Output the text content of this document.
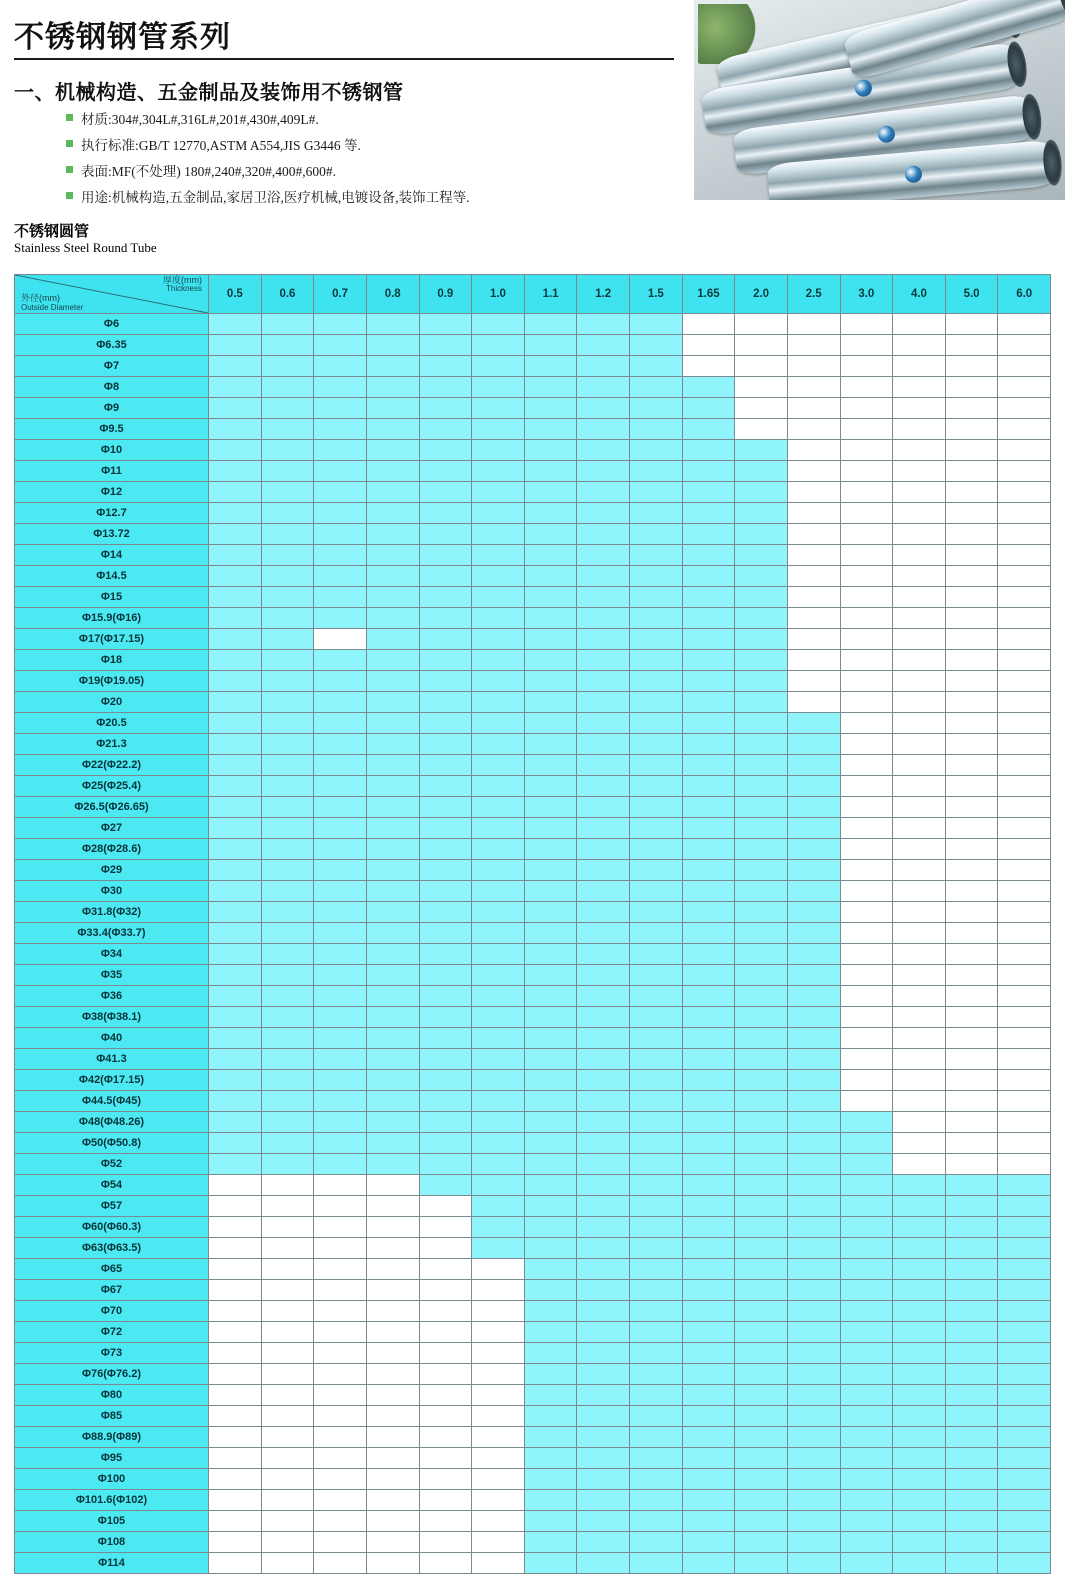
不锈钢钢管系列
一、机械构造、五金制品及装饰用不锈钢管
材质:304#,304L#,316L#,201#,430#,409L#.
执行标准:GB/T 12770,ASTM A554,JIS G3446 等.
表面:MF(不处理) 180#,240#,320#,400#,600#.
用途:机械构造,五金制品,家居卫浴,医疗机械,电镀设备,装饰工程等.
不锈钢圆管
Stainless Steel Round Tube
厚度(mm)
Thickness
外径(mm)
Outside Diameter	0.5	0.6	0.7	0.8	0.9	1.0	1.1	1.2	1.5	1.65	2.0	2.5	3.0	4.0	5.0	6.0
Φ6																
Φ6.35																
Φ7																
Φ8																
Φ9																
Φ9.5																
Φ10																
Φ11																
Φ12																
Φ12.7																
Φ13.72																
Φ14																
Φ14.5																
Φ15																
Φ15.9(Φ16)																
Φ17(Φ17.15)																
Φ18																
Φ19(Φ19.05)																
Φ20																
Φ20.5																
Φ21.3																
Φ22(Φ22.2)																
Φ25(Φ25.4)																
Φ26.5(Φ26.65)																
Φ27																
Φ28(Φ28.6)																
Φ29																
Φ30																
Φ31.8(Φ32)																
Φ33.4(Φ33.7)																
Φ34																
Φ35																
Φ36																
Φ38(Φ38.1)																
Φ40																
Φ41.3																
Φ42(Φ17.15)																
Φ44.5(Φ45)																
Φ48(Φ48.26)																
Φ50(Φ50.8)																
Φ52																
Φ54																
Φ57																
Φ60(Φ60.3)																
Φ63(Φ63.5)																
Φ65																
Φ67																
Φ70																
Φ72																
Φ73																
Φ76(Φ76.2)																
Φ80																
Φ85																
Φ88.9(Φ89)																
Φ95																
Φ100																
Φ101.6(Φ102)																
Φ105																
Φ108																
Φ114																
